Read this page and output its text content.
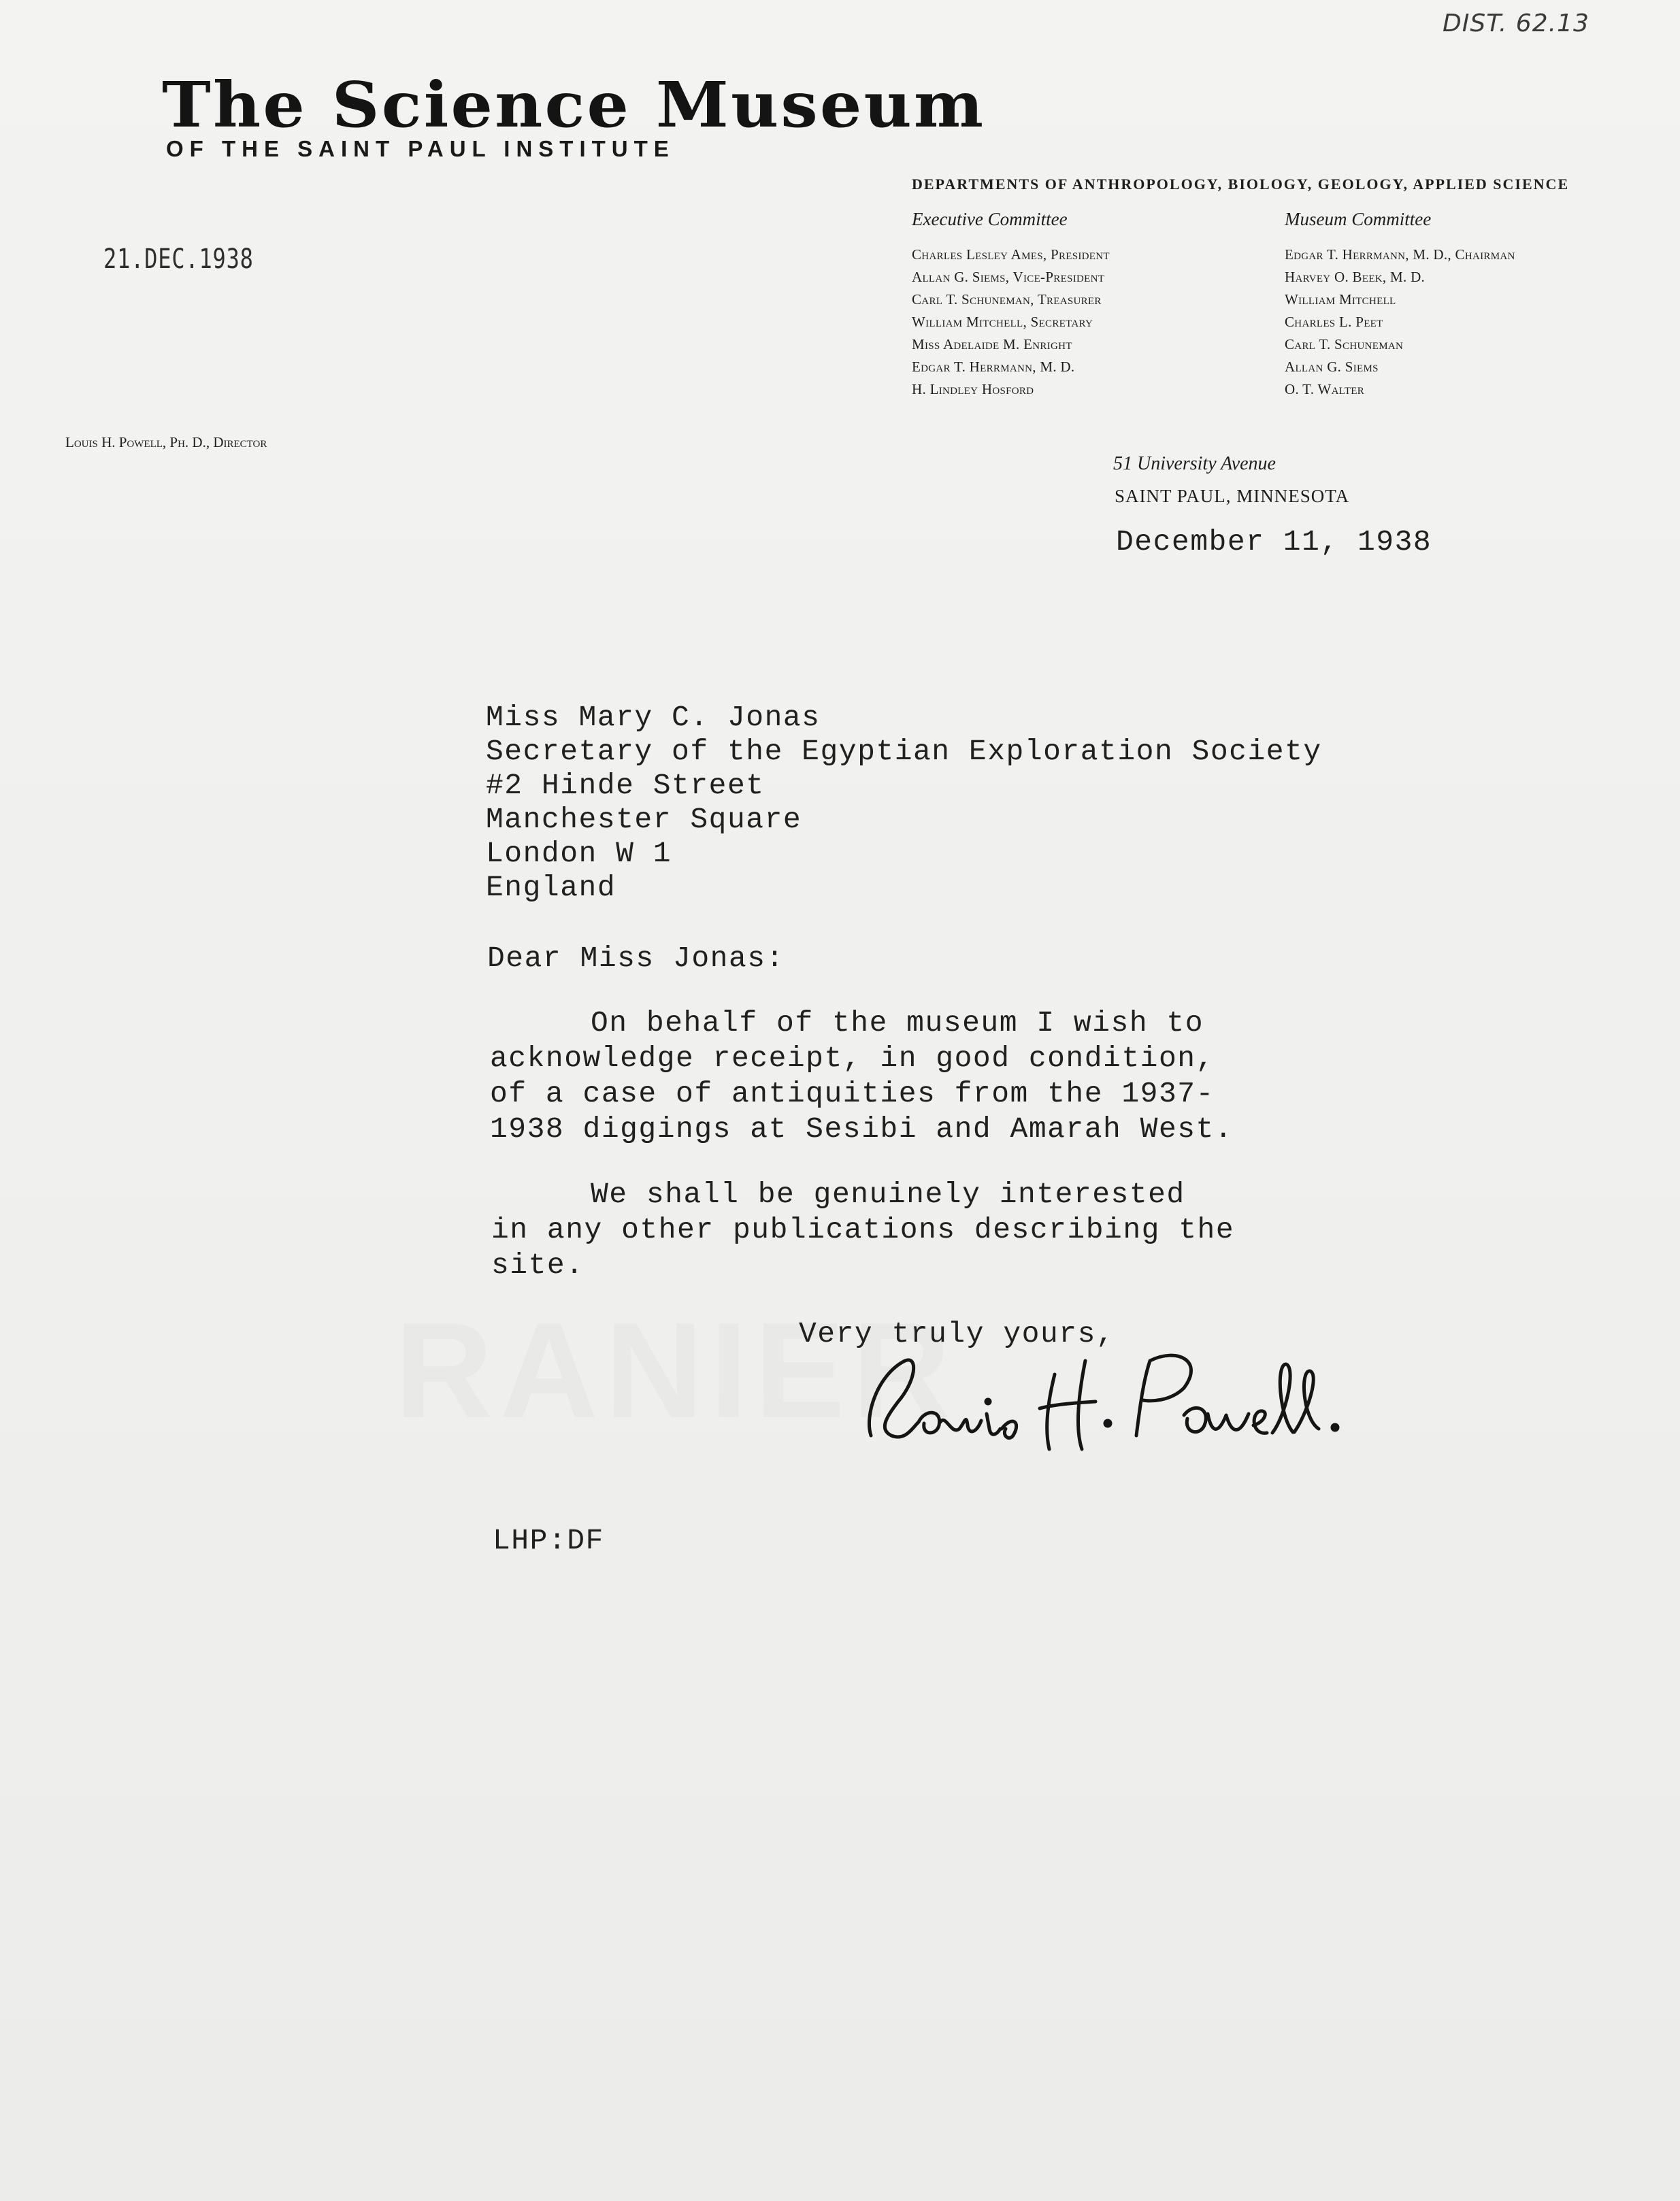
DIST. 62.13
The Science Museum
OF THE SAINT PAUL INSTITUTE
21.DEC.1938
DEPARTMENTS OF ANTHROPOLOGY, BIOLOGY, GEOLOGY, APPLIED SCIENCE
Executive Committee
Charles Lesley Ames, President
Allan G. Siems, Vice-President
Carl T. Schuneman, Treasurer
William Mitchell, Secretary
Miss Adelaide M. Enright
Edgar T. Herrmann, M. D.
H. Lindley Hosford
Museum Committee
Edgar T. Herrmann, M. D., Chairman
Harvey O. Beek, M. D.
William Mitchell
Charles L. Peet
Carl T. Schuneman
Allan G. Siems
O. T. Walter
Louis H. Powell, Ph. D., Director
51 University Avenue
SAINT PAUL, MINNESOTA
December 11, 1938
Miss Mary C. Jonas
Secretary of the Egyptian Exploration Society
#2 Hinde Street
Manchester Square
London W 1
England
Dear Miss Jonas:
On behalf of the museum I wish to
acknowledge receipt, in good condition,
of a case of antiquities from the 1937-
1938 diggings at Sesibi and Amarah West.
We shall be genuinely interested
in any other publications describing the
site.
Very truly yours,
LHP:DF
